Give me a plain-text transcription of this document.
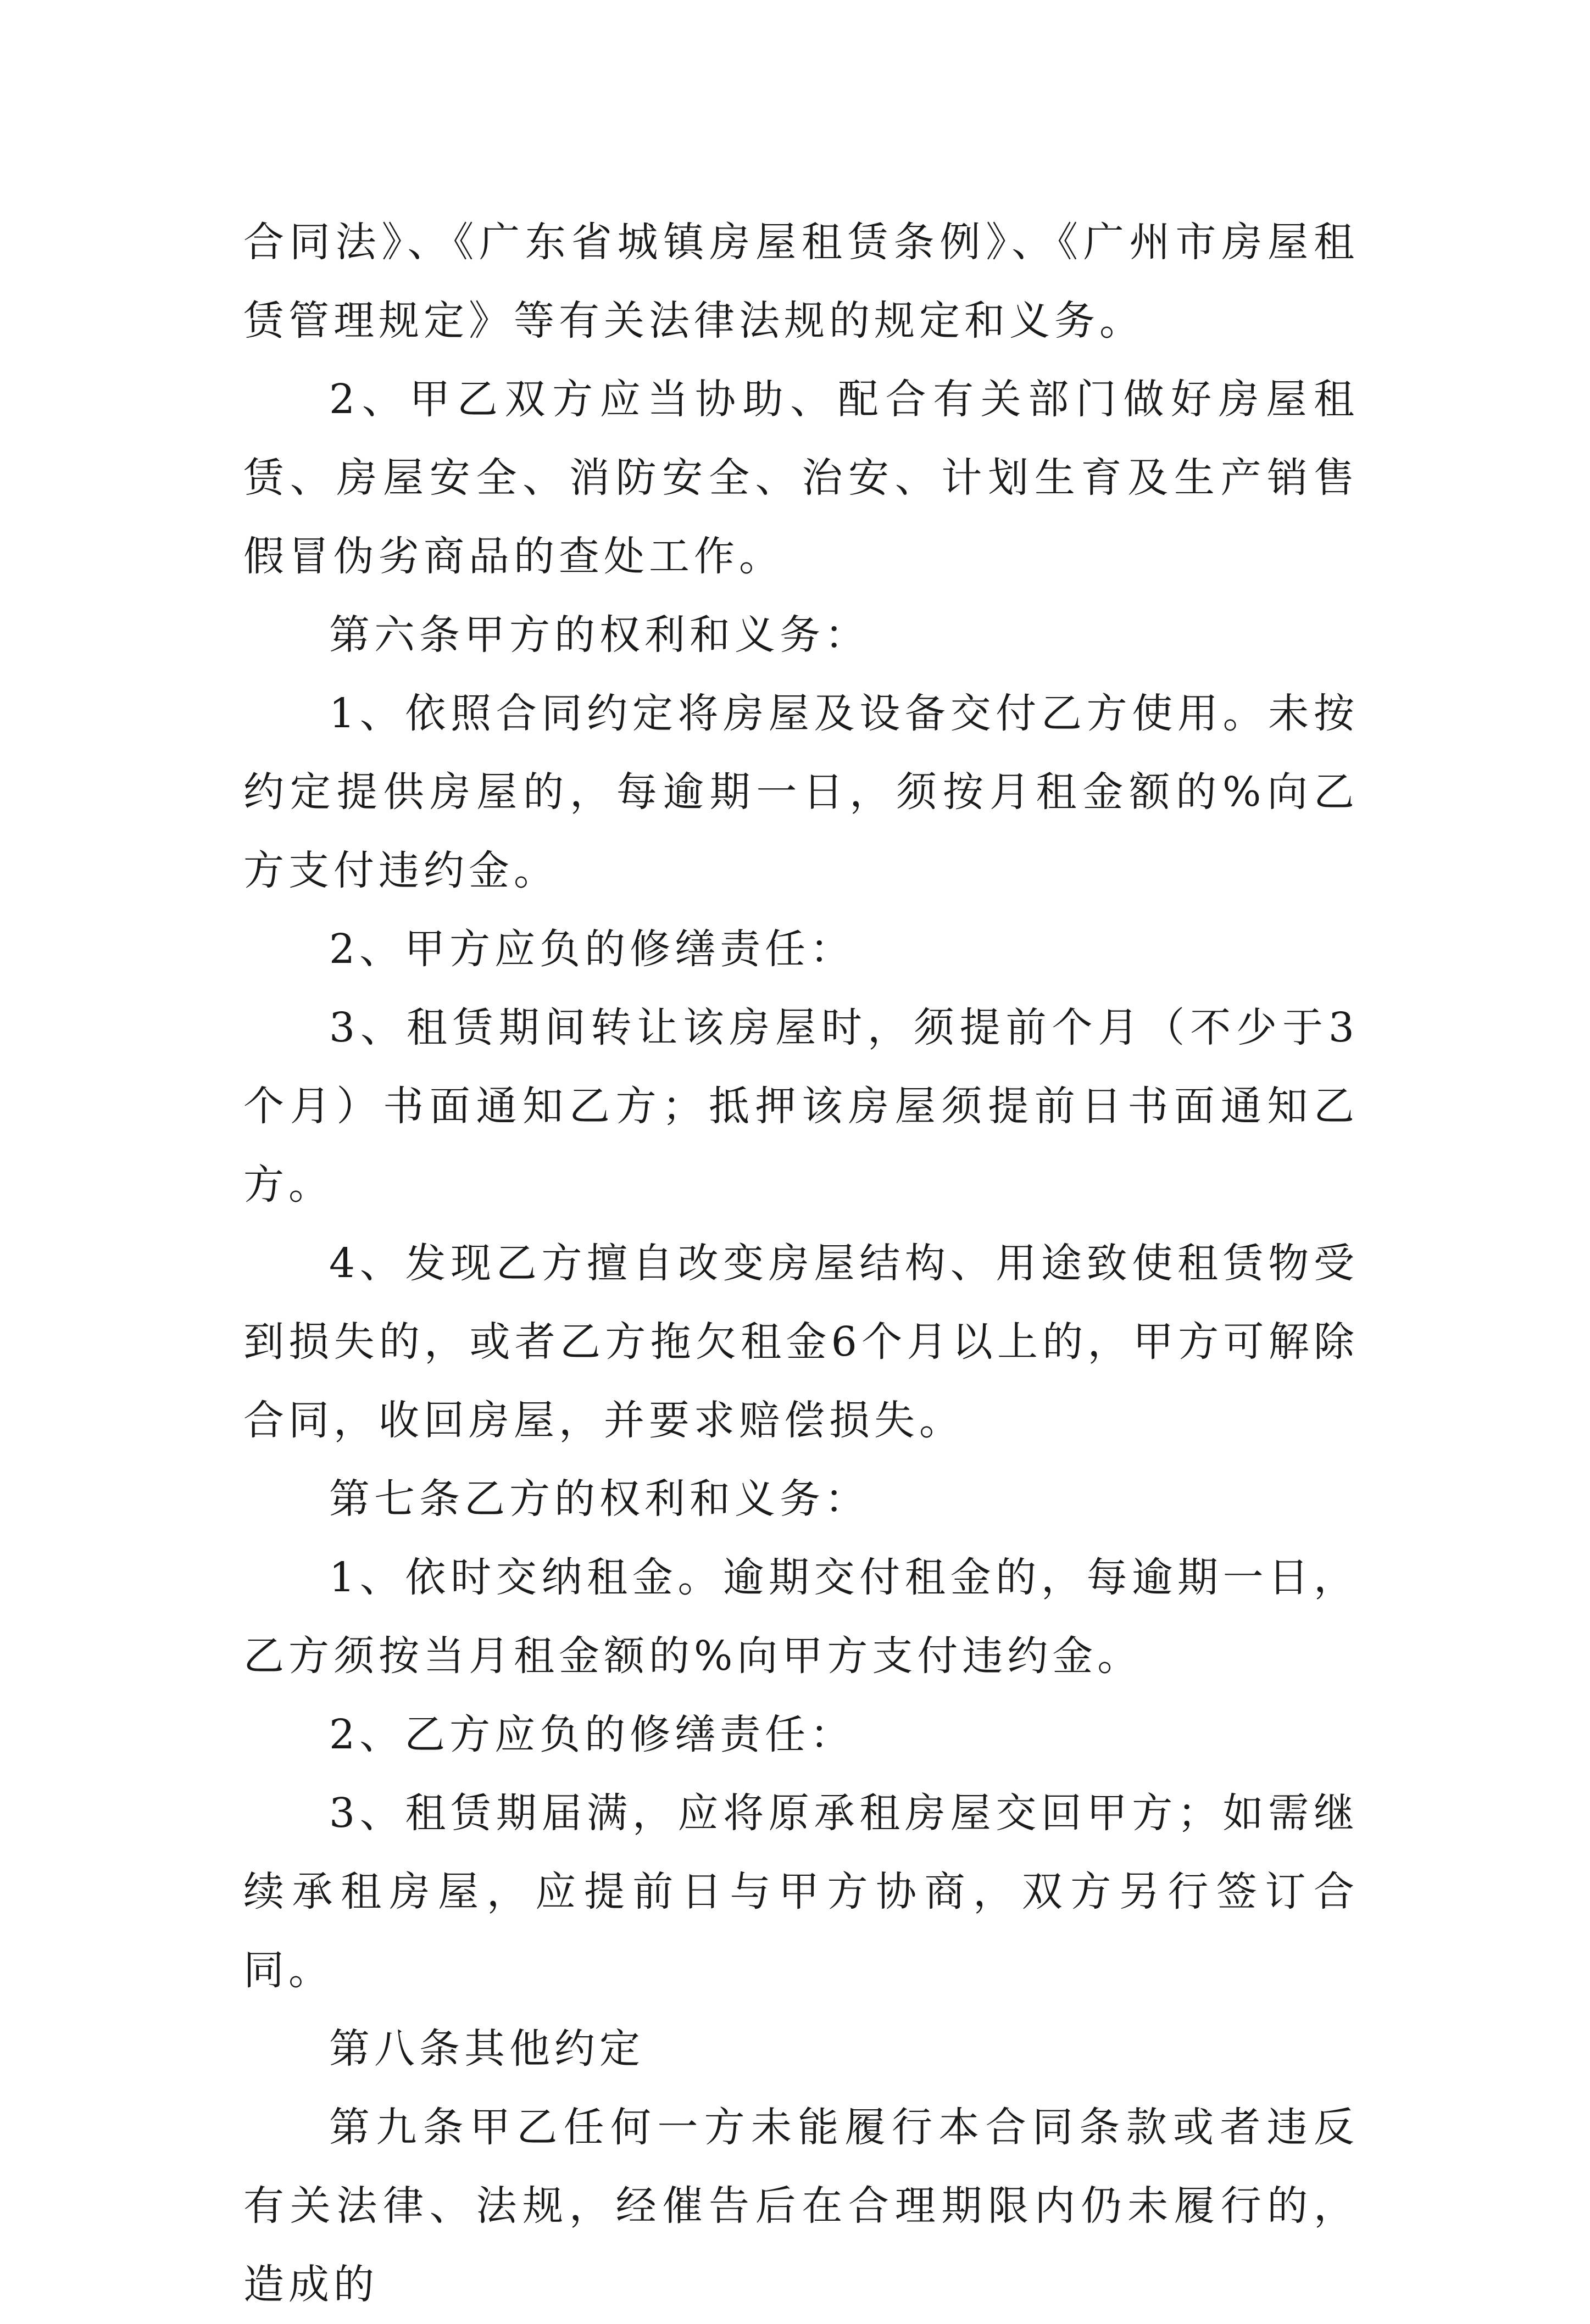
合同法》、《广东省城镇房屋租赁条例》、《广州市房屋租赁管理规定》等有关法律法规的规定和义务。

2、甲乙双方应当协助、配合有关部门做好房屋租赁、房屋安全、消防安全、治安、计划生育及生产销售假冒伪劣商品的查处工作。

第六条甲方的权利和义务：

1、依照合同约定将房屋及设备交付乙方使用。未按约定提供房屋的，每逾期一日，须按月租金额的%向乙方支付违约金。

2、甲方应负的修缮责任：

3、租赁期间转让该房屋时，须提前个月（不少于3个月）书面通知乙方；抵押该房屋须提前日书面通知乙方。

4、发现乙方擅自改变房屋结构、用途致使租赁物受到损失的，或者乙方拖欠租金6个月以上的，甲方可解除合同，收回房屋，并要求赔偿损失。

第七条乙方的权利和义务：

1、依时交纳租金。逾期交付租金的，每逾期一日，乙方须按当月租金额的%向甲方支付违约金。

2、乙方应负的修缮责任：

3、租赁期届满，应将原承租房屋交回甲方；如需继续承租房屋，应提前日与甲方协商，双方另行签订合同。

第八条其他约定

第九条甲乙任何一方未能履行本合同条款或者违反有关法律、法规，经催告后在合理期限内仍未履行的，造成的
